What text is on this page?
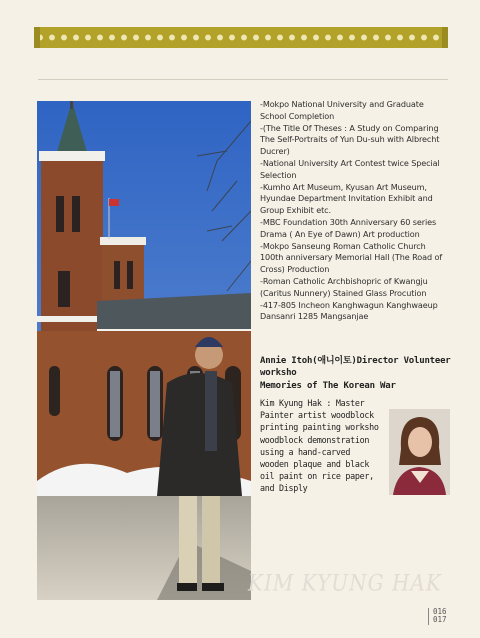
-Mokpo National University and Graduate School Completion
-(The Title Of Theses : A Study on Comparing The Self-Portraits of Yun Du-suh with Albrecht Ducrer)
-National University Art Contest twice Special Selection
-Kumho Art Museum, Kyusan Art Museum, Hyundae Department Invitation Exhibit and Group Exhibit etc.
-MBC Foundation 30th Anniversary 60 series Drama ( An Eye of Dawn) Art production
-Mokpo Sanseung Roman Catholic Church 100th anniversary Memorial Hall (The Road of Cross) Production
-Roman Catholic Archbishopric of Kwangju (Caritus Nunnery) Stained Glass Procution
-417-805 Incheon Kanghwagun Kanghwaeup Dansanri 1285 Mangsanjae
Annie Itoh(애니이토)Director Volunteer worksho
Memories of The Korean War
Kim Kyung Hak : Master Painter artist woodblock printing painting worksho woodblock demonstration using a hand-carved wooden plaque and black oil paint on rice paper, and Disply
KIM KYUNG HAK
016
017
